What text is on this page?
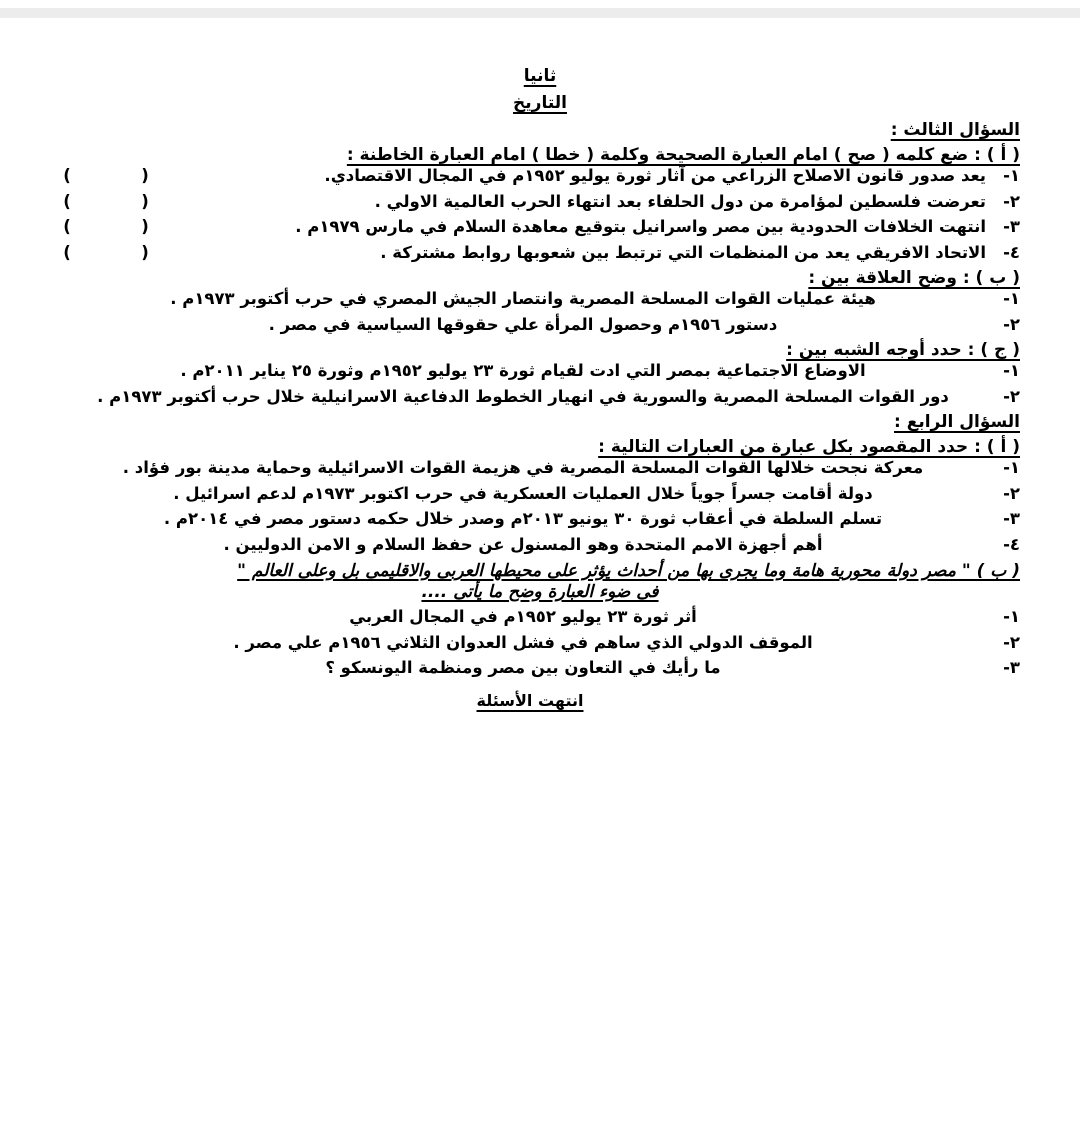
ثانيا
التاريخ
السؤال الثالث :
( أ ) : ضع كلمه ( صح ) امام العبارة الصحيحة وكلمة ( خطا ) امام العبارة الخاطنة :
١-
يعد صدور قانون الاصلاح الزراعي من آثار ثورة يوليو ١٩٥٢م في المجال الاقتصادي.
(
)
٢-
تعرضت فلسطين لمؤامرة من دول الحلفاء بعد انتهاء الحرب العالمية الاولي .
(
)
٣-
انتهت الخلافات الحدودية بين مصر واسرانيل بتوقيع معاهدة السلام في مارس ١٩٧٩م .
(
)
٤-
الاتحاد الافريقي يعد من المنظمات التي ترتبط بين شعوبها روابط مشتركة .
(
)
( ب ) : وضح العلاقة بين :
١-
هيئة عمليات القوات المسلحة المصرية وانتصار الجيش المصري في حرب أكتوبر ١٩٧٣م .
٢-
دستور ١٩٥٦م وحصول المرأة علي حقوقها السياسية في مصر .
( ج ) : حدد أوجه الشبه بين :
١-
الاوضاع الاجتماعية بمصر التي ادت لقيام ثورة ٢٣ يوليو ١٩٥٢م وثورة ٢٥ يناير ٢٠١١م .
٢-
دور القوات المسلحة المصرية والسورية في انهيار الخطوط الدفاعية الاسرانيلية خلال حرب أكتوبر ١٩٧٣م .
السؤال الرابع :
( أ ) : حدد المقصود بكل عبارة من العبارات التالية :
١-
معركة نجحت خلالها القوات المسلحة المصرية في هزيمة القوات الاسرائيلية وحماية مدينة بور فؤاد .
٢-
دولة أقامت جسراً جوياً خلال العمليات العسكرية في حرب اكتوبر ١٩٧٣م لدعم اسرائيل .
٣-
تسلم السلطة في أعقاب ثورة ٣٠ يونيو ٢٠١٣م وصدر خلال حكمه دستور مصر في ٢٠١٤م .
٤-
أهم أجهزة الامم المتحدة وهو المسنول عن حفظ السلام و الامن الدوليين .
( ب ) " مصر دولة محورية هامة وما يجرى بها من أحداث يؤثر على محيطها العربى والاقليمى بل وعلى العالم "
فى ضوء العبارة وضح ما يأتى ....
١-
أثر ثورة ٢٣ يوليو ١٩٥٢م في المجال العربي
٢-
الموقف الدولي الذي ساهم في فشل العدوان الثلاثي ١٩٥٦م علي مصر .
٣-
ما رأيك في التعاون بين مصر ومنظمة اليونسكو ؟
انتهت الأسئلة
